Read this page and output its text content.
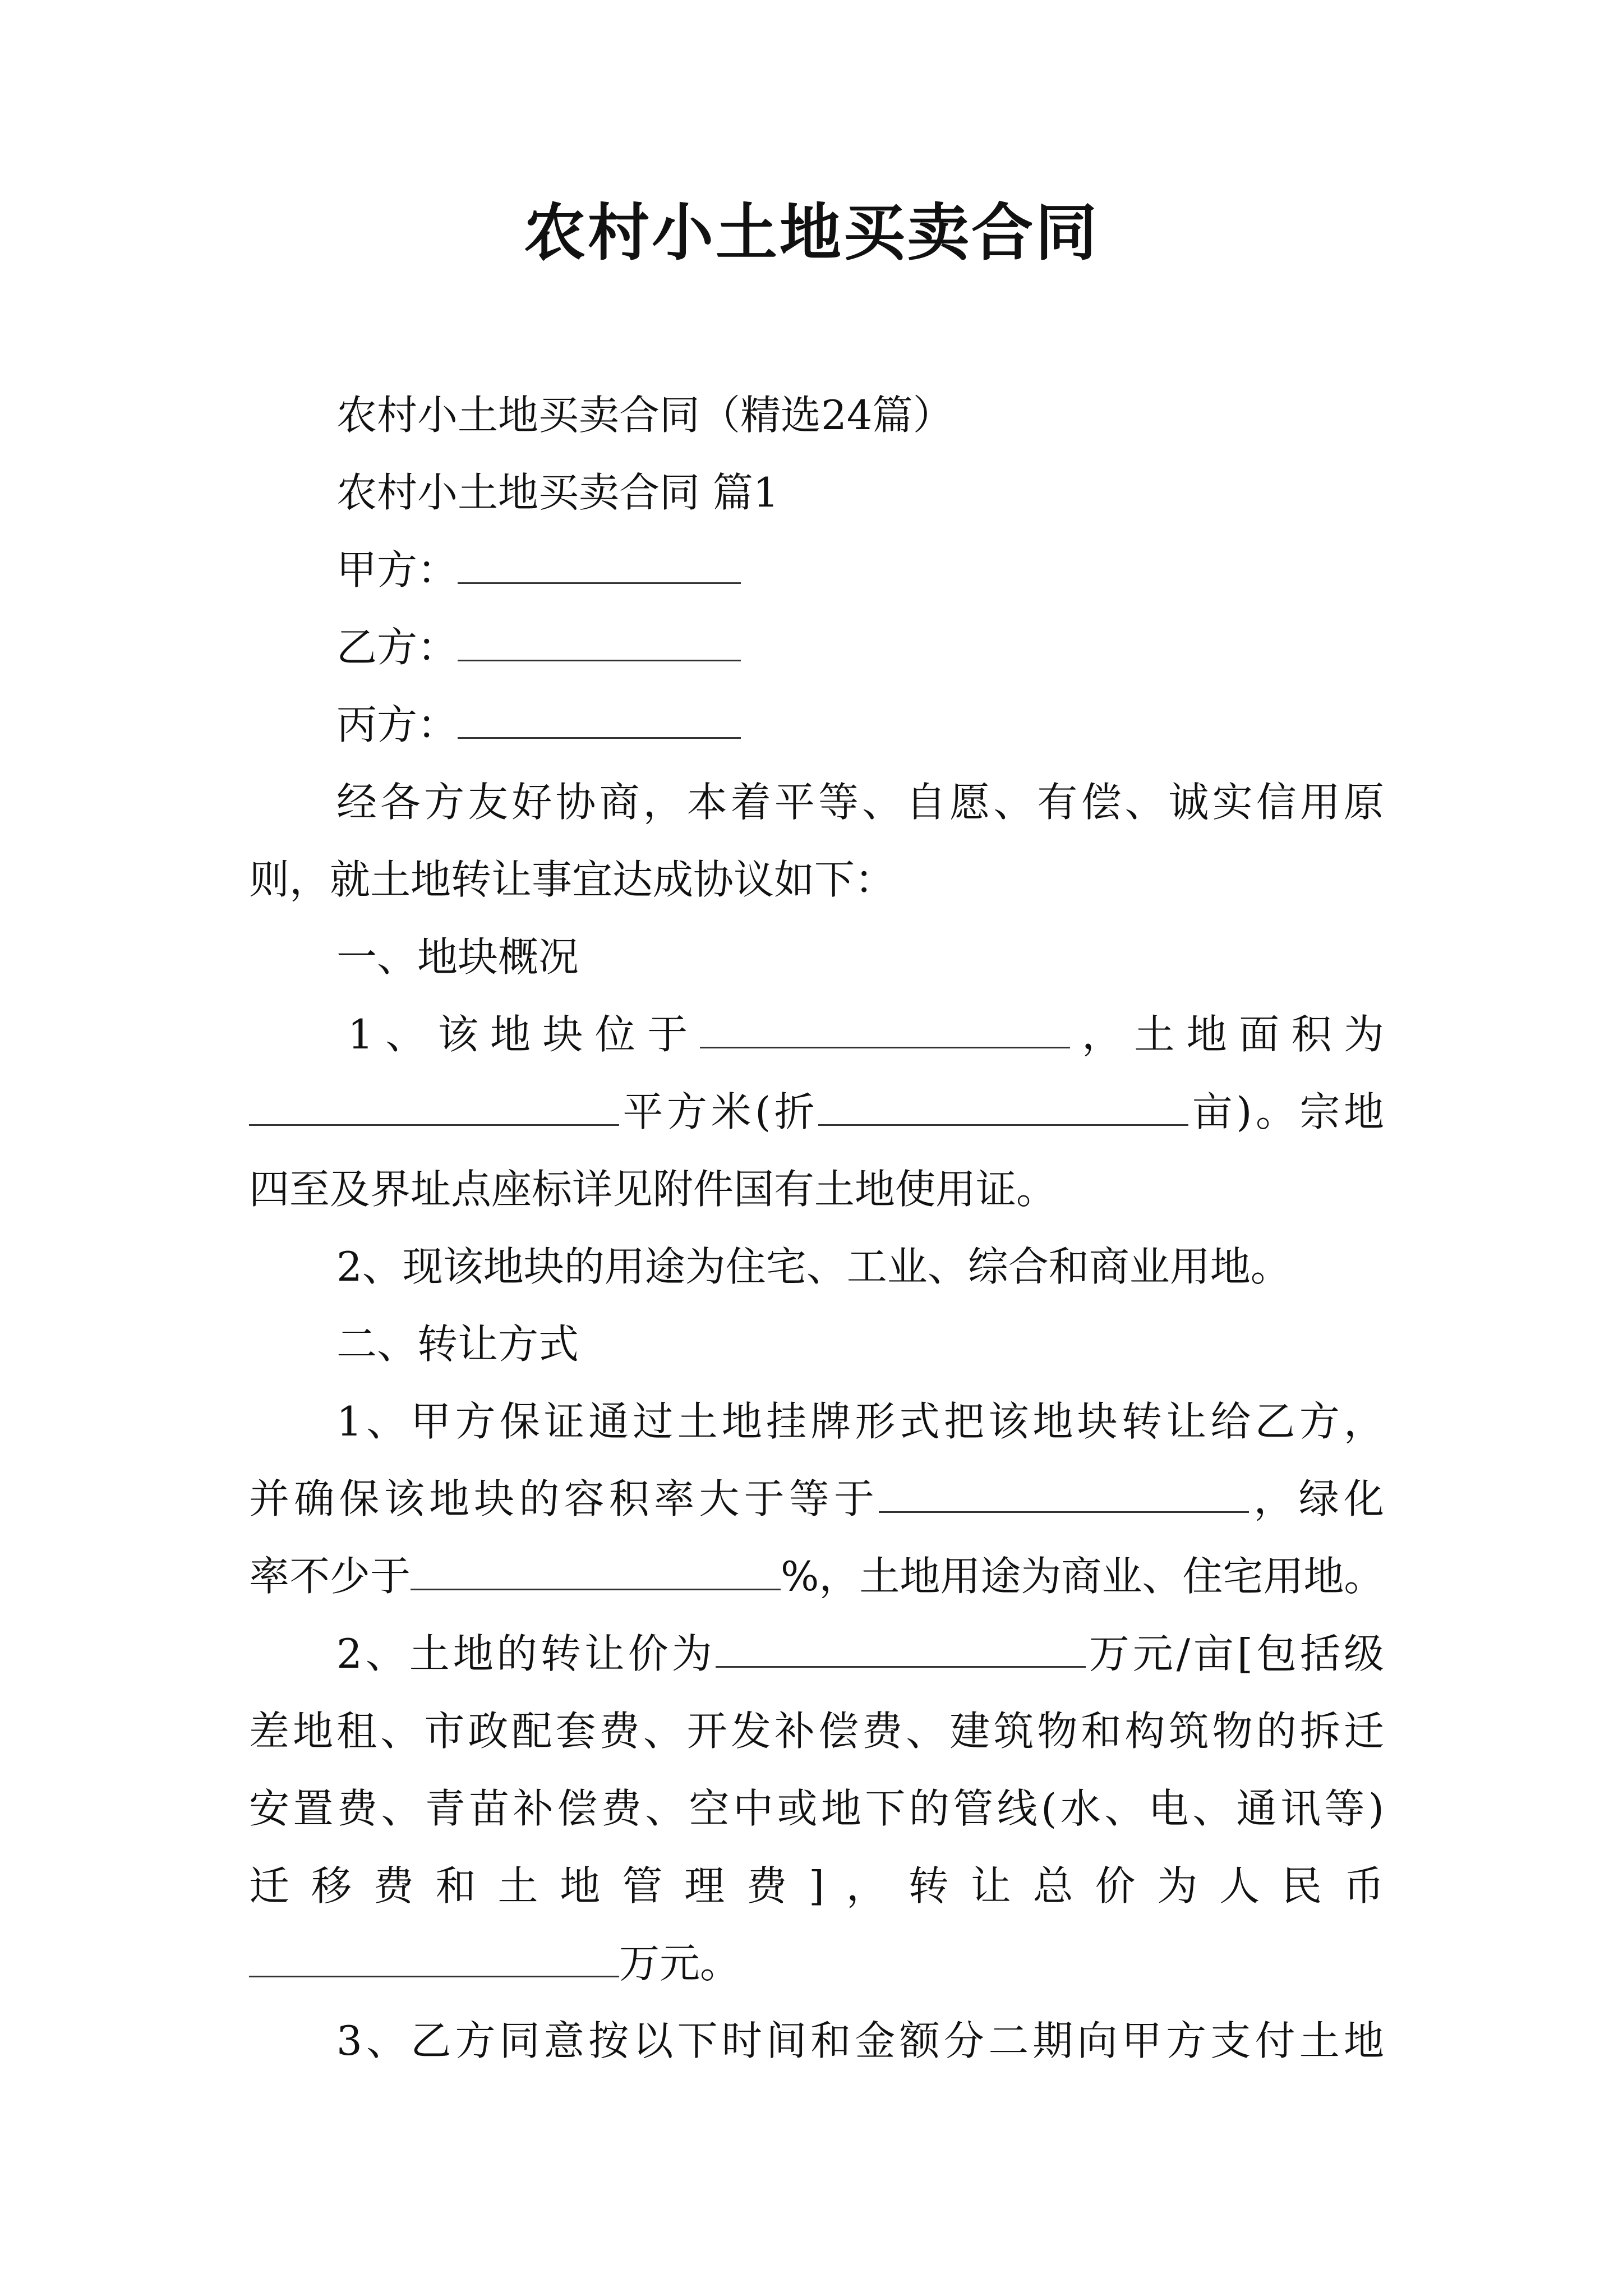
农村小土地买卖合同
农村小土地买卖合同（精选24篇）
农村小土地买卖合同 篇1
甲方：
乙方：
丙方：
经各方友好协商，本着平等、自愿、有偿、诚实信用原
则，就土地转让事宜达成协议如下：
一、地块概况
1、该地块位于	，土地面积为
平方米(折	亩)。宗地
四至及界址点座标详见附件国有土地使用证。
2、现该地块的用途为住宅、工业、综合和商业用地。
二、转让方式
1、甲方保证通过土地挂牌形式把该地块转让给乙方，
并确保该地块的容积率大于等于	，绿化
率不少于	%，土地用途为商业、住宅用地。
2、土地的转让价为	万元/亩[包括级
差地租、市政配套费、开发补偿费、建筑物和构筑物的拆迁
安置费、青苗补偿费、空中或地下的管线(水、电、通讯等)
迁移费和土地管理费]，转让总价为人民币
万元。
3、乙方同意按以下时间和金额分二期向甲方支付土地
